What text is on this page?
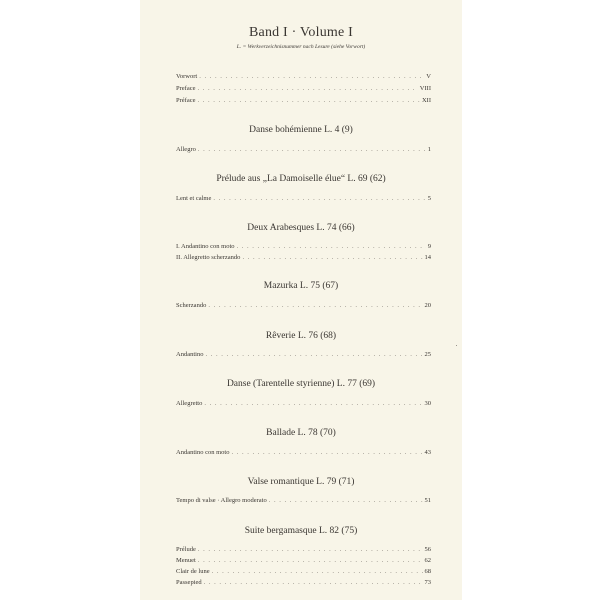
Band I · Volume I
L. = Werkverzeichnisnummer nach Lesure (siehe Vorwort)
Vorwort . . .	V
Preface . . .	VIII
Préface . . .	XII
Danse bohémienne L. 4 (9)
Allegro . . .	1
Prélude aus „La Damoiselle élue“ L. 69 (62)
Lent et calme . . .	5
Deux Arabesques L. 74 (66)
I. Andantino con moto . . .	9
II. Allegretto scherzando . . .	14
Mazurka L. 75 (67)
Scherzando . . .	20
Rêverie L. 76 (68)
Andantino . . .	25
Danse (Tarentelle styrienne) L. 77 (69)
Allegretto . . .	30
Ballade L. 78 (70)
Andantino con moto . . .	43
Valse romantique L. 79 (71)
Tempo di valse · Allegro moderato . . .	51
Suite bergamasque L. 82 (75)
Prélude . . .	56
Menuet . . .	62
Clair de lune . . .	68
Passepied . . .	73
